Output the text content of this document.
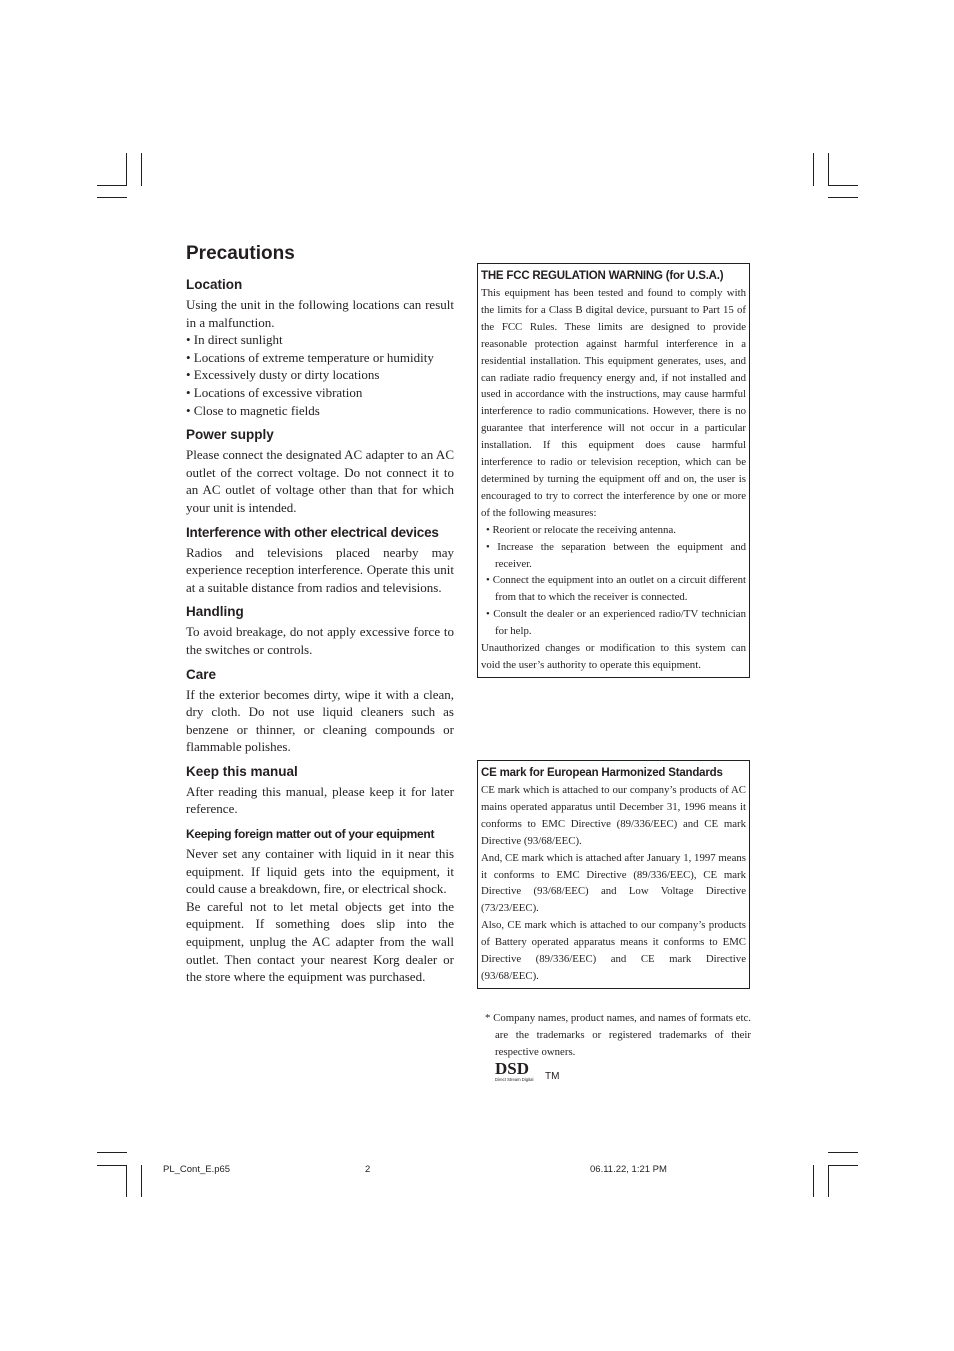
Precautions
Location

Using the unit in the following locations can result in a malfunction.

• In direct sunlight
• Locations of extreme temperature or humidity
• Excessively dusty or dirty locations
• Locations of excessive vibration
• Close to magnetic fields
Power supply

Please connect the designated AC adapter to an AC outlet of the correct voltage. Do not connect it to an AC outlet of voltage other than that for which your unit is intended.

Interference with other electrical devices

Radios and televisions placed nearby may experience reception interference. Operate this unit at a suitable distance from radios and televisions.

Handling

To avoid breakage, do not apply excessive force to the switches or controls.

Care

If the exterior becomes dirty, wipe it with a clean, dry cloth. Do not use liquid cleaners such as benzene or thinner, or cleaning compounds or flammable polishes.

Keep this manual

After reading this manual, please keep it for later reference.

Keeping foreign matter out of your equipment

Never set any container with liquid in it near this equipment. If liquid gets into the equipment, it could cause a breakdown, fire, or electrical shock.

Be careful not to let metal objects get into the equipment. If something does slip into the equipment, unplug the AC adapter from the wall outlet. Then contact your nearest Korg dealer or the store where the equipment was purchased.

THE FCC REGULATION WARNING (for U.S.A.)

This equipment has been tested and found to comply with the limits for a Class B digital device, pursuant to Part 15 of the FCC Rules. These limits are designed to provide reasonable protection against harmful interference in a residential installation. This equipment generates, uses, and can radiate radio frequency energy and, if not installed and used in accordance with the instructions, may cause harmful interference to radio communications. However, there is no guarantee that interference will not occur in a particular installation. If this equipment does cause harmful interference to radio or television reception, which can be determined by turning the equipment off and on, the user is encouraged to try to correct the interference by one or more of the following measures:

• Reorient or relocate the receiving antenna.
• Increase the separation between the equipment and receiver.
• Connect the equipment into an outlet on a circuit different from that to which the receiver is connected.
• Consult the dealer or an experienced radio/TV technician for help.

Unauthorized changes or modification to this system can void the user’s authority to operate this equipment.

CE mark for European Harmonized Standards

CE mark which is attached to our company’s products of AC mains operated apparatus until December 31, 1996 means it conforms to EMC Directive (89/336/EEC) and CE mark Directive (93/68/EEC).

And, CE mark which is attached after January 1, 1997 means it conforms to EMC Directive (89/336/EEC), CE mark Directive (93/68/EEC) and Low Voltage Directive (73/23/EEC).

Also, CE mark which is attached to our company’s products of Battery operated apparatus means it conforms to EMC Directive (89/336/EEC) and CE mark Directive (93/68/EEC).

* Company names, product names, and names of formats etc. are the trademarks or registered trademarks of their respective owners.

DSD
Direct Stream Digital TM
PL_Cont_E.p65	2	06.11.22, 1:21 PM
